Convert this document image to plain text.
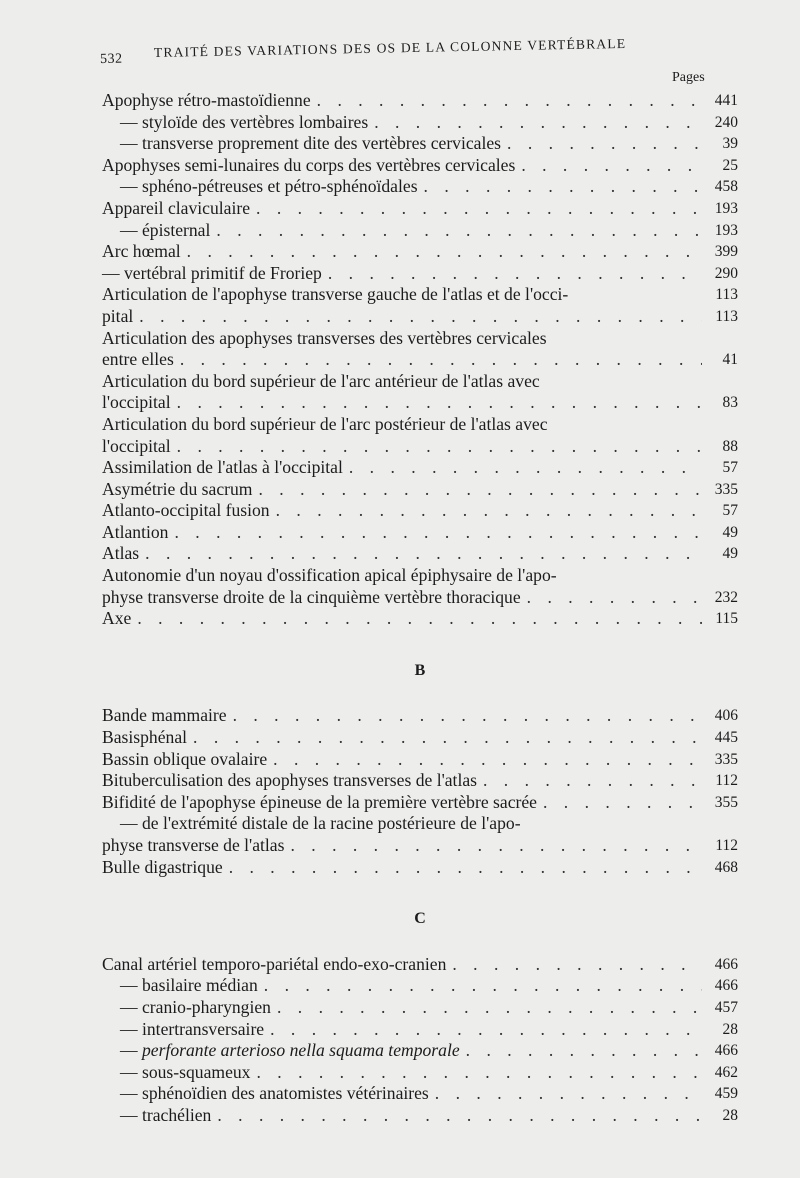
532 TRAITÉ DES VARIATIONS DES OS DE LA COLONNE VERTÉBRALE
Pages
Apophyse rétro-mastoïdienne . . .	441
— styloïde des vertèbres lombaires . . .	240
— transverse proprement dite des vertèbres cervicales . . .	39
Apophyses semi-lunaires du corps des vertèbres cervicales . . .	25
— sphéno-pétreuses et pétro-sphénoïdales . . .	458
Appareil claviculaire . . .	193
— épisternal . . .	193
Arc hœmal . . .	399
— vertébral primitif de Froriep . . .	290
Articulation de l'apophyse transverse gauche de l'atlas et de l'occi-	113
pital . . .	113
Articulation des apophyses transverses des vertèbres cervicales
entre elles . . .	41
Articulation du bord supérieur de l'arc antérieur de l'atlas avec
l'occipital . . .	83
Articulation du bord supérieur de l'arc postérieur de l'atlas avec
l'occipital . . .	88
Assimilation de l'atlas à l'occipital . . .	57
Asymétrie du sacrum . . .	335
Atlanto-occipital fusion . . .	57
Atlantion . . .	49
Atlas . . .	49
Autonomie d'un noyau d'ossification apical épiphysaire de l'apo-
physe transverse droite de la cinquième vertèbre thoracique . . .	232
Axe . . .	115
B
Bande mammaire . . .	406
Basisphénal . . .	445
Bassin oblique ovalaire . . .	335
Bituberculisation des apophyses transverses de l'atlas . . .	112
Bifidité de l'apophyse épineuse de la première vertèbre sacrée . . .	355
— de l'extrémité distale de la racine postérieure de l'apo-
physe transverse de l'atlas . . .	112
Bulle digastrique . . .	468
C
Canal artériel temporo-pariétal endo-exo-cranien . . .	466
— basilaire médian . . .	466
— cranio-pharyngien . . .	457
— intertransversaire . . .	28
— perforante arterioso nella squama temporale . . .	466
— sous-squameux . . .	462
— sphénoïdien des anatomistes vétérinaires . . .	459
— trachélien . . .	28
